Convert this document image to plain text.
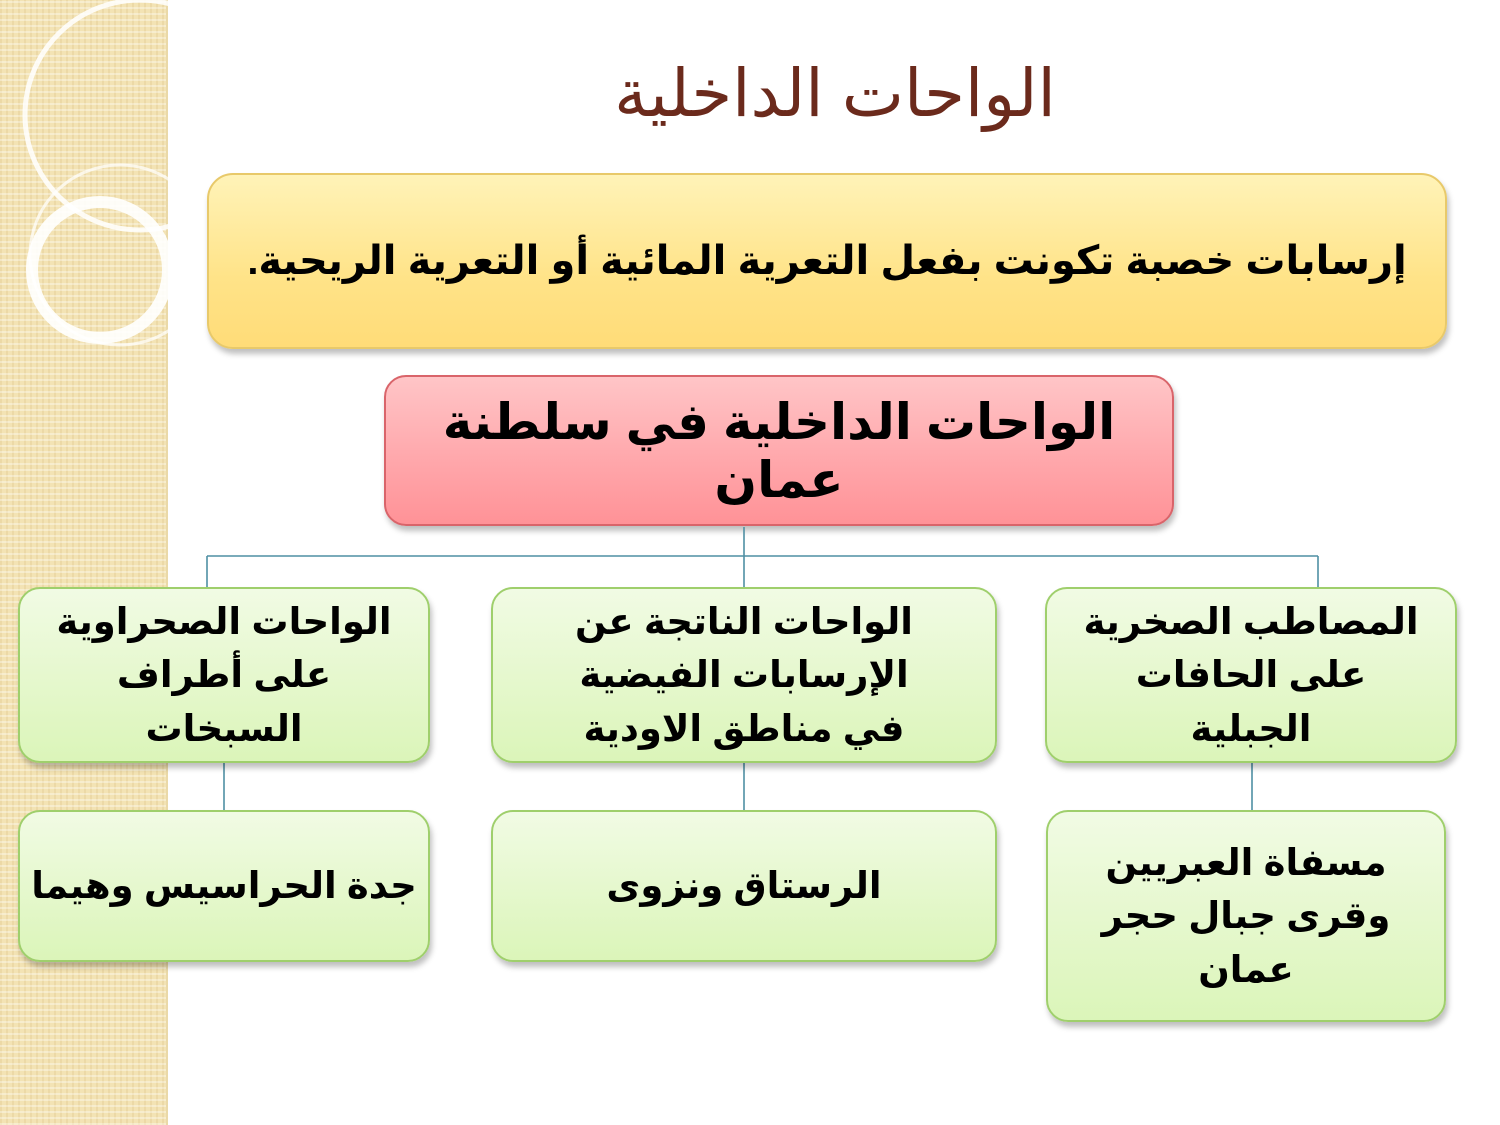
الواحات الداخلية
إرسابات خصبة تكونت بفعل التعرية المائية أو التعرية الريحية.
الواحات الداخلية في سلطنة عمان
المصاطب الصخرية على الحافات الجبلية
الواحات الناتجة عن الإرسابات الفيضية في مناطق الاودية
الواحات الصحراوية على أطراف السبخات
مسفاة العبريين وقرى جبال حجر عمان
الرستاق ونزوى
جدة الحراسيس وهيما
